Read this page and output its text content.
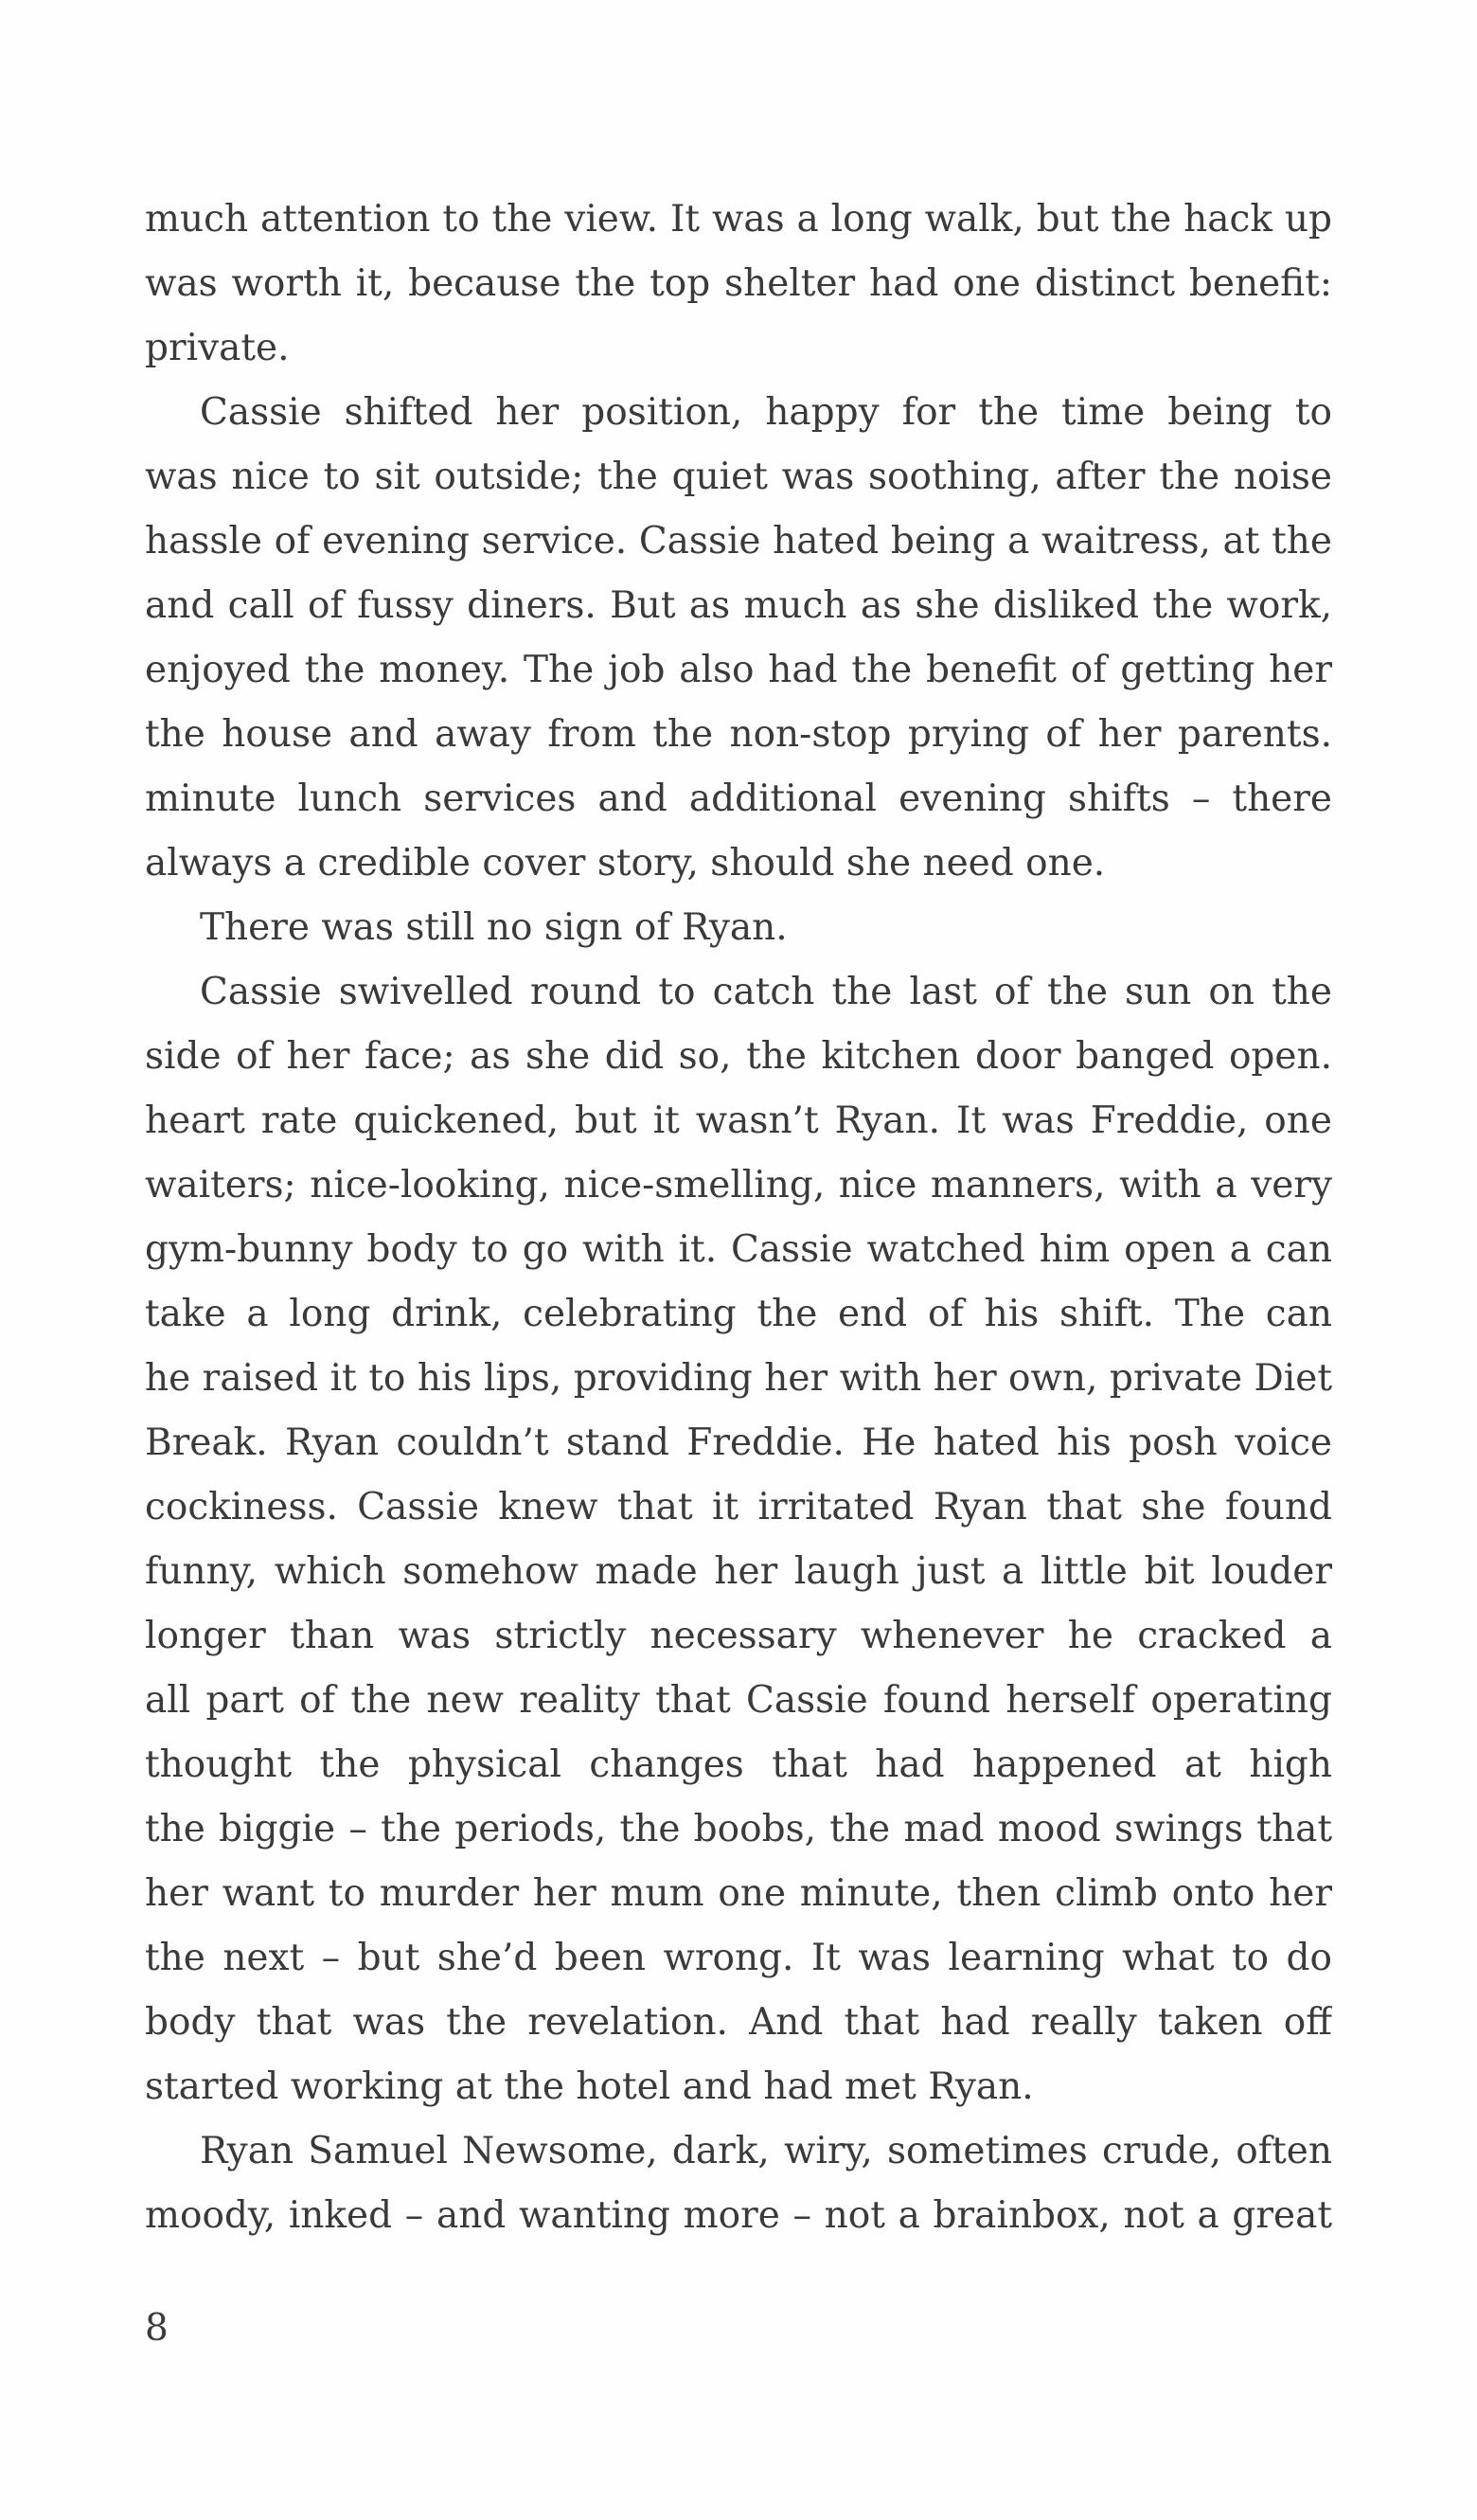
much attention to the view. It was a long walk, but the hack up
was worth it, because the top shelter had one distinct benefit:
private.
Cassie shifted her position, happy for the time being to
was nice to sit outside; the quiet was soothing, after the noise
hassle of evening service. Cassie hated being a waitress, at the
and call of fussy diners. But as much as she disliked the work,
enjoyed the money. The job also had the benefit of getting her
the house and away from the non-stop prying of her parents.
minute lunch services and additional evening shifts – there
always a credible cover story, should she need one.
There was still no sign of Ryan.
Cassie swivelled round to catch the last of the sun on the
side of her face; as she did so, the kitchen door banged open.
heart rate quickened, but it wasn’t Ryan. It was Freddie, one
waiters; nice-looking, nice-smelling, nice manners, with a very
gym-bunny body to go with it. Cassie watched him open a can
take a long drink, celebrating the end of his shift. The can
he raised it to his lips, providing her with her own, private Diet
Break. Ryan couldn’t stand Freddie. He hated his posh voice
cockiness. Cassie knew that it irritated Ryan that she found
funny, which somehow made her laugh just a little bit louder
longer than was strictly necessary whenever he cracked a
all part of the new reality that Cassie found herself operating
thought the physical changes that had happened at high
the biggie – the periods, the boobs, the mad mood swings that
her want to murder her mum one minute, then climb onto her
the next – but she’d been wrong. It was learning what to do
body that was the revelation. And that had really taken off
started working at the hotel and had met Ryan.
Ryan Samuel Newsome, dark, wiry, sometimes crude, often
moody, inked – and wanting more – not a brainbox, not a great
8
